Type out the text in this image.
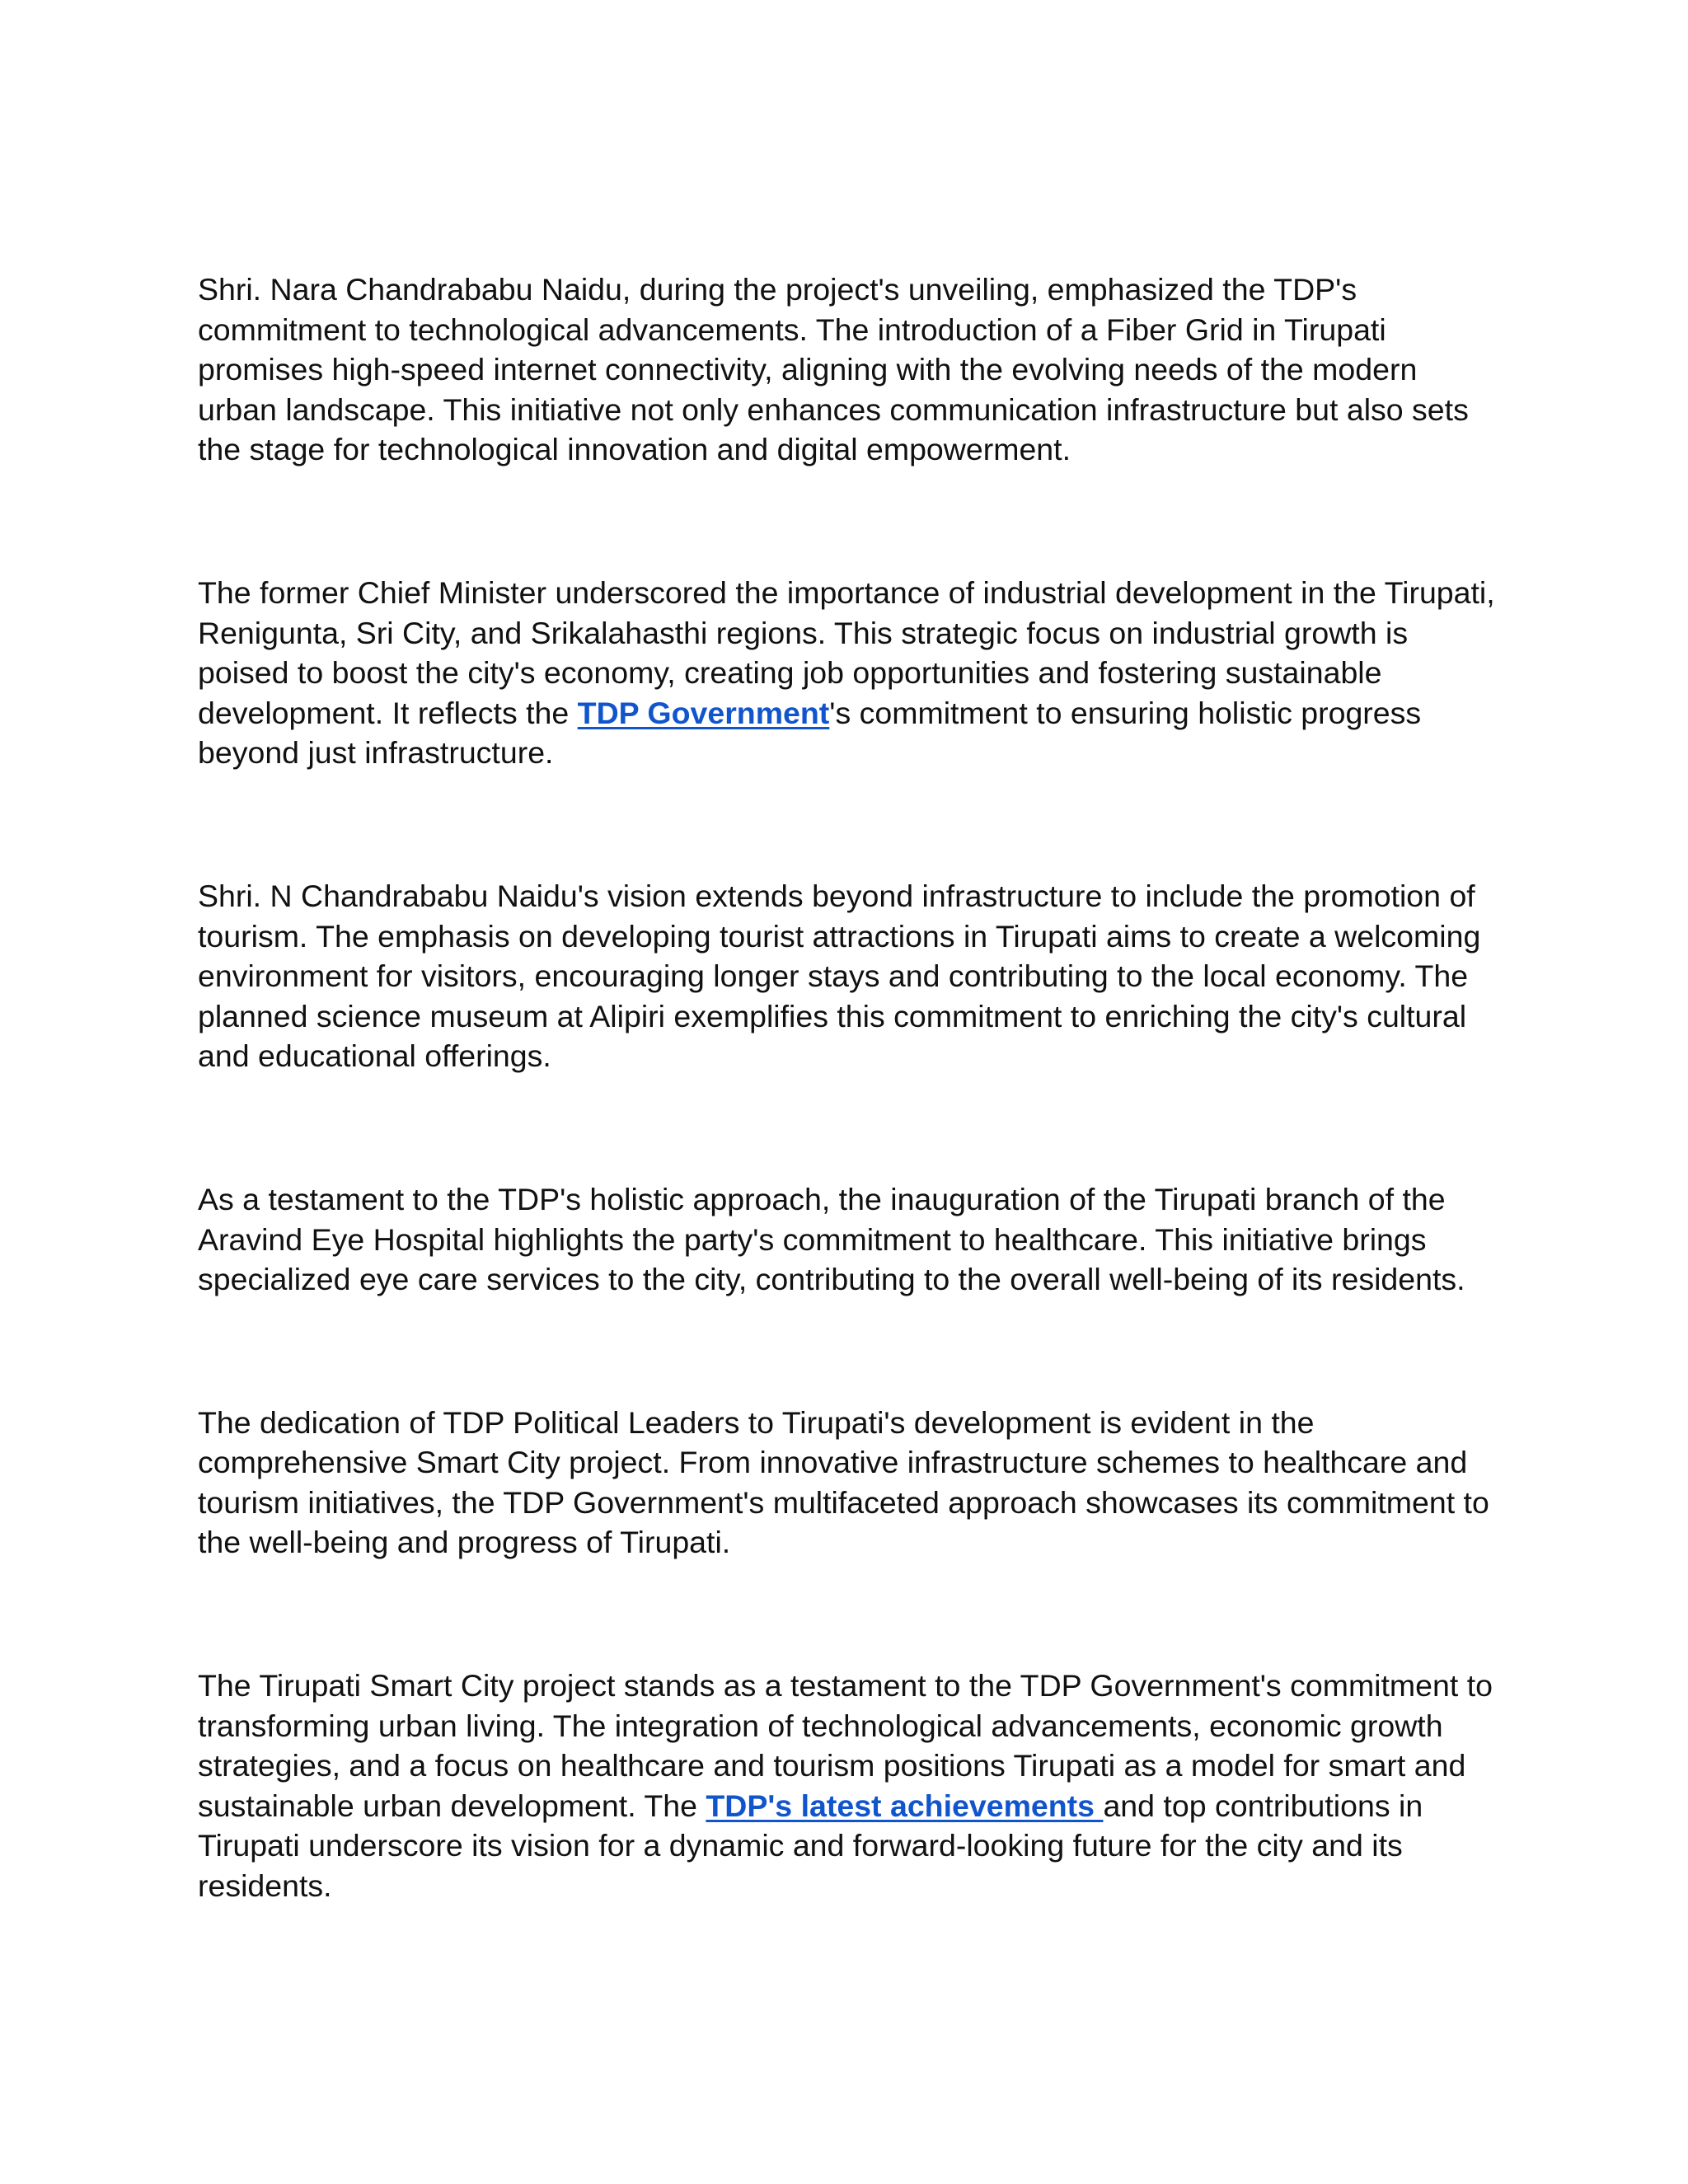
Shri. Nara Chandrababu Naidu, during the project's unveiling, emphasized the TDP's commitment to technological advancements. The introduction of a Fiber Grid in Tirupati promises high-speed internet connectivity, aligning with the evolving needs of the modern urban landscape. This initiative not only enhances communication infrastructure but also sets the stage for technological innovation and digital empowerment.

The former Chief Minister underscored the importance of industrial development in the Tirupati, Renigunta, Sri City, and Srikalahasthi regions. This strategic focus on industrial growth is poised to boost the city's economy, creating job opportunities and fostering sustainable development. It reflects the TDP Government's commitment to ensuring holistic progress beyond just infrastructure.

Shri. N Chandrababu Naidu's vision extends beyond infrastructure to include the promotion of tourism. The emphasis on developing tourist attractions in Tirupati aims to create a welcoming environment for visitors, encouraging longer stays and contributing to the local economy. The planned science museum at Alipiri exemplifies this commitment to enriching the city's cultural and educational offerings.

As a testament to the TDP's holistic approach, the inauguration of the Tirupati branch of the Aravind Eye Hospital highlights the party's commitment to healthcare. This initiative brings specialized eye care services to the city, contributing to the overall well-being of its residents.

The dedication of TDP Political Leaders to Tirupati's development is evident in the comprehensive Smart City project. From innovative infrastructure schemes to healthcare and tourism initiatives, the TDP Government's multifaceted approach showcases its commitment to the well-being and progress of Tirupati.

The Tirupati Smart City project stands as a testament to the TDP Government's commitment to transforming urban living. The integration of technological advancements, economic growth strategies, and a focus on healthcare and tourism positions Tirupati as a model for smart and sustainable urban development. The TDP's latest achievements and top contributions in Tirupati underscore its vision for a dynamic and forward-looking future for the city and its residents.
